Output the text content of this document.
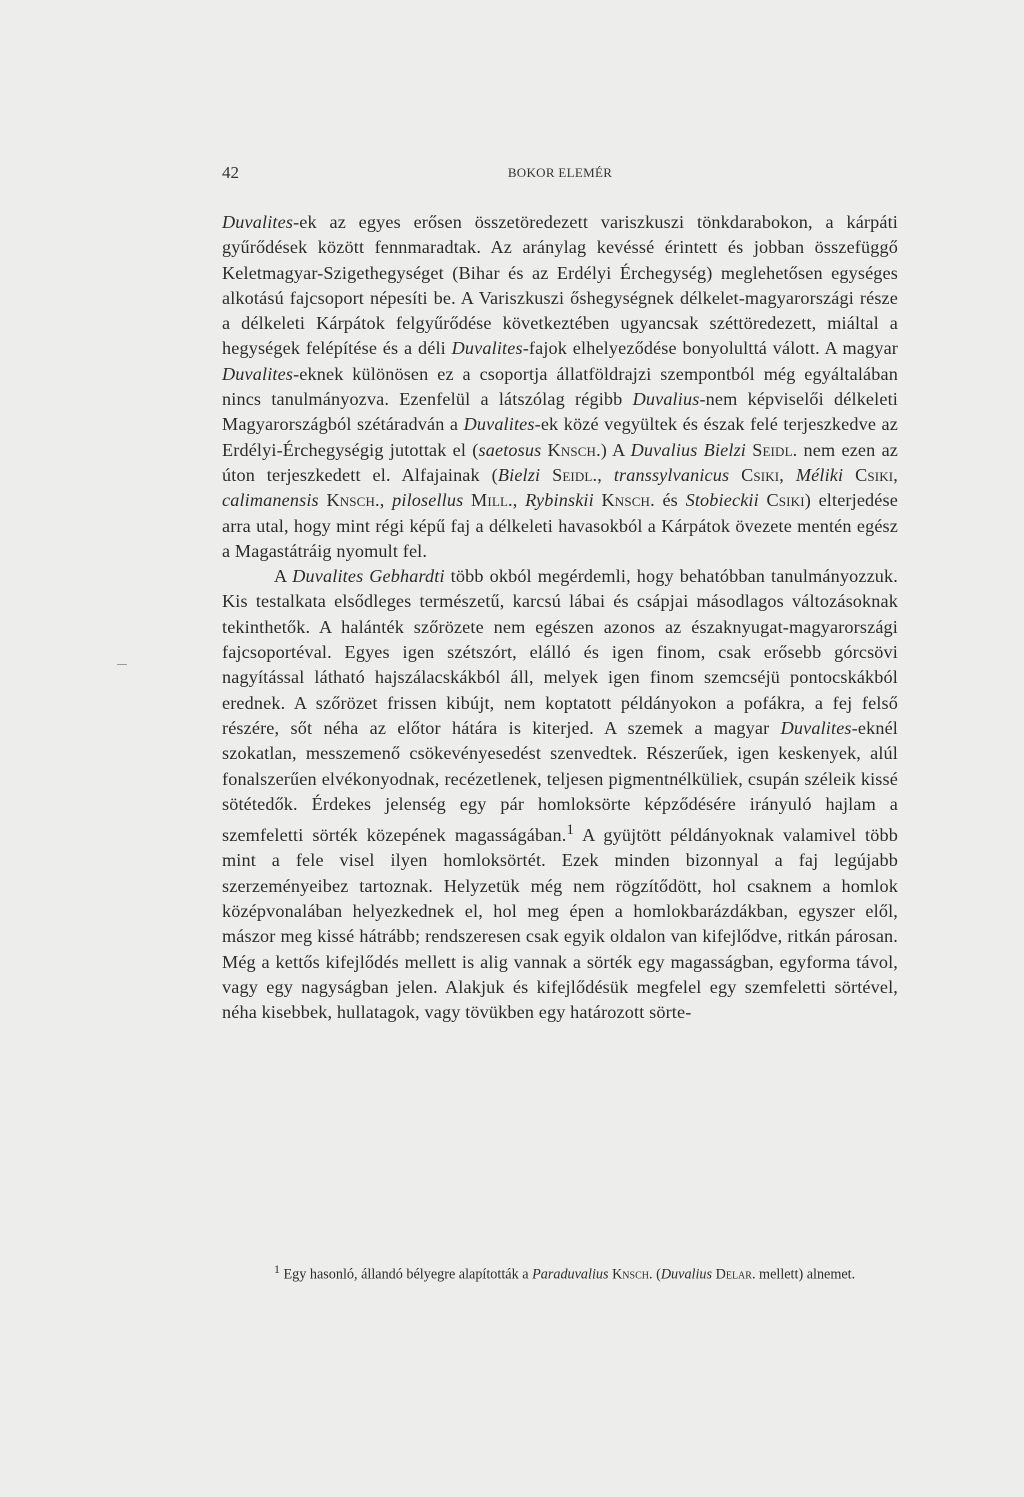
42	BOKOR ELEMÉR

Duvalites-ek az egyes erősen összetöredezett variszkuszi tönkdarabokon, a kárpáti gyűrődések között fennmaradtak. Az aránylag kevéssé érintett és jobban összefüggő Keletmagyar-Szigethegységet (Bihar és az Erdélyi Érchegység) meglehetősen egységes alkotású fajcsoport népesíti be. A Variszkuszi őshegységnek délkelet-magyarországi része a délkeleti Kárpátok felgyűrődése következtében ugyancsak széttöredezett, miáltal a hegységek felépítése és a déli Duvalites-fajok elhelyeződése bonyolulttá válott. A magyar Duvalites-eknek különösen ez a csoportja állatföldrajzi szempontból még egyáltalában nincs tanulmányozva. Ezenfelül a látszólag régibb Duvalius-nem képviselői délkeleti Magyarországból szétáradván a Duvalites-ek közé vegyültek és észak felé terjeszkedve az Erdélyi-Érchegységig jutottak el (saetosus Knsch.) A Duvalius Bielzi Seidl. nem ezen az úton terjeszkedett el. Alfajainak (Bielzi Seidl., transsylvanicus Csiki, Méliki Csiki, calimanensis Knsch., pilosellus Mill., Rybinskii Knsch. és Stobieckii Csiki) elterjedése arra utal, hogy mint régi képű faj a délkeleti havasokból a Kárpátok övezete mentén egész a Magastátráig nyomult fel.

A Duvalites Gebhardti több okból megérdemli, hogy behatóbban tanulmányozzuk. Kis testalkata elsődleges természetű, karcsú lábai és csápjai másodlagos változásoknak tekinthetők. A halánték szőrözete nem egészen azonos az északnyugat-magyarországi fajcsoportéval. Egyes igen szétszórt, elálló és igen finom, csak erősebb górcsövi nagyítással látható hajszálacskákból áll, melyek igen finom szemcséjü pontocskákból erednek. A szőrözet frissen kibújt, nem koptatott példányokon a pofákra, a fej felső részére, sőt néha az előtor hátára is kiterjed. A szemek a magyar Duvalites-eknél szokatlan, messzemenő csökevényesedést szenvedtek. Részerűek, igen keskenyek, alúl fonalszerűen elvékonyodnak, recézetlenek, teljesen pigmentnélküliek, csupán széleik kissé sötétedők. Érdekes jelenség egy pár homloksörte képződésére irányuló hajlam a szemfeletti sörték közepének magasságában.$^1$ A gyüjtött példányoknak valamivel több mint a fele visel ilyen homloksörtét. Ezek minden bizonnyal a faj legújabb szerzeményeibez tartoznak. Helyzetük még nem rögzítődött, hol csaknem a homlok középvonalában helyezkednek el, hol meg épen a homlokbarázdákban, egyszer elől, mászor meg kissé hátrább; rendszeresen csak egyik oldalon van kifejlődve, ritkán párosan. Még a kettős kifejlődés mellett is alig vannak a sörték egy magasságban, egyforma távol, vagy egy nagyságban jelen. Alakjuk és kifejlődésük megfelel egy szemfeletti sörtével, néha kisebbek, hullatagok, vagy tövükben egy határozott sörte-

$^1$ Egy hasonló, állandó bélyegre alapították a Paraduvalius Knsch. (Duvalius Delar. mellett) alnemet.
